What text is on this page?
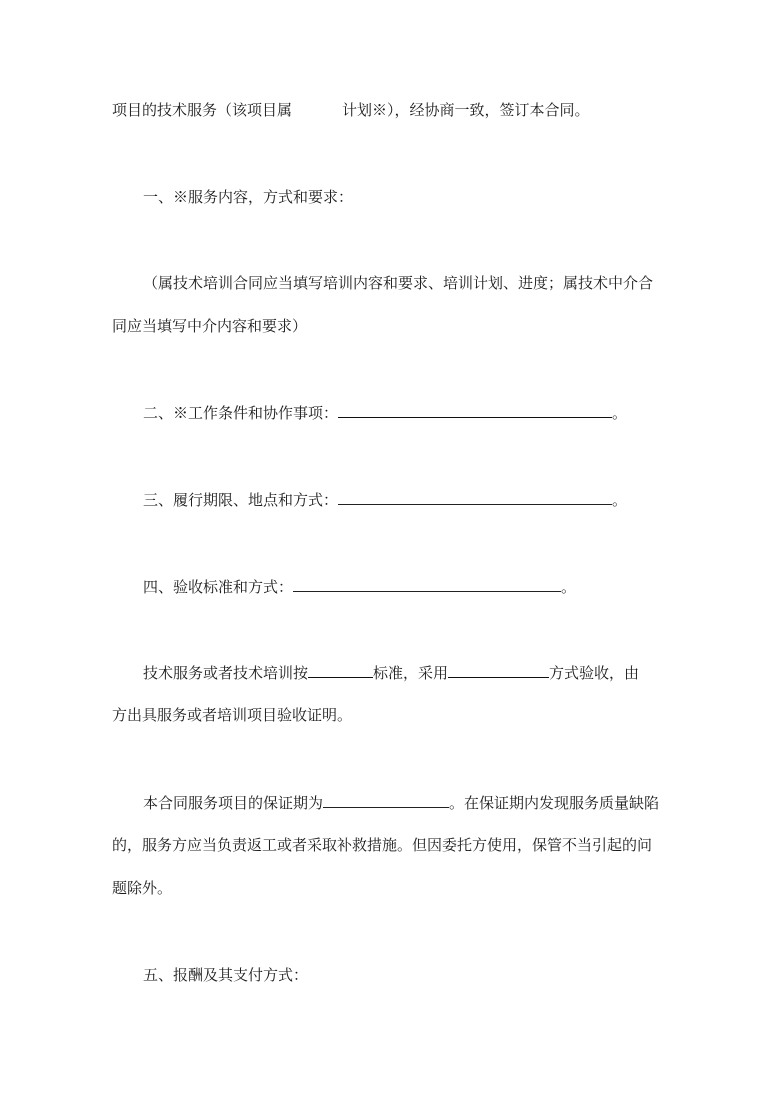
项目的技术服务（该项目属	计划※），经协商一致，签订本合同。
一、※服务内容，方式和要求：
（属技术培训合同应当填写培训内容和要求、培训计划、进度；属技术中介合
同应当填写中介内容和要求）
二、※工作条件和协作事项：	。
三、履行期限、地点和方式：	。
四、验收标准和方式：	。
技术服务或者技术培训按	标准，采用	方式验收，由
方出具服务或者培训项目验收证明。
本合同服务项目的保证期为	。在保证期内发现服务质量缺陷
的，服务方应当负责返工或者采取补救措施。但因委托方使用，保管不当引起的问
题除外。
五、报酬及其支付方式：
